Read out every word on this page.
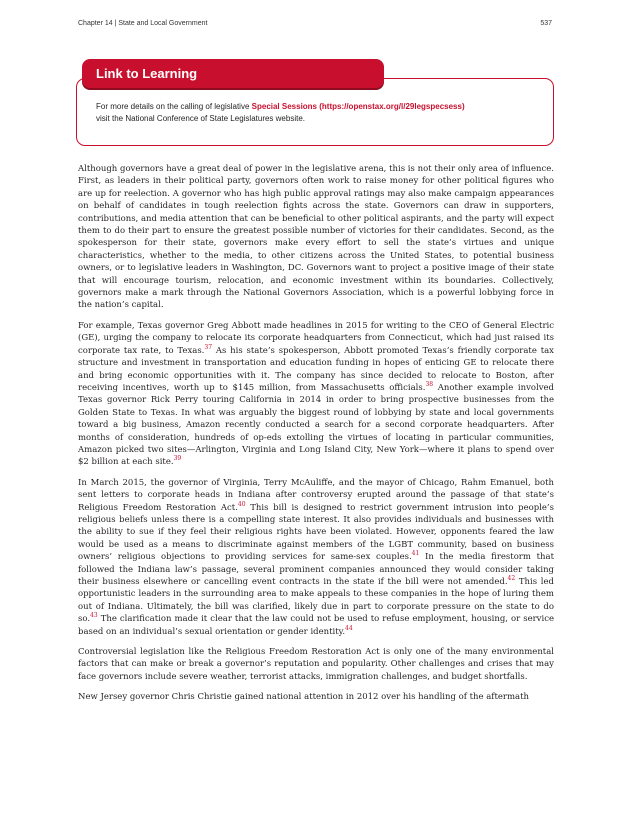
Chapter 14 | State and Local Government	537
Link to Learning
For more details on the calling of legislative Special Sessions (https://openstax.org/l/29legspecsess)
visit the National Conference of State Legislatures website.

Although governors have a great deal of power in the legislative arena, this is not their only area of influence. First, as leaders in their political party, governors often work to raise money for other political figures who are up for reelection. A governor who has high public approval ratings may also make campaign appearances on behalf of candidates in tough reelection fights across the state. Governors can draw in supporters, contributions, and media attention that can be beneficial to other political aspirants, and the party will expect them to do their part to ensure the greatest possible number of victories for their candidates. Second, as the spokesperson for their state, governors make every effort to sell the state’s virtues and unique characteristics, whether to the media, to other citizens across the United States, to potential business owners, or to legislative leaders in Washington, DC. Governors want to project a positive image of their state that will encourage tourism, relocation, and economic investment within its boundaries. Collectively, governors make a mark through the National Governors Association, which is a powerful lobbying force in the nation’s capital.

For example, Texas governor Greg Abbott made headlines in 2015 for writing to the CEO of General Electric (GE), urging the company to relocate its corporate headquarters from Connecticut, which had just raised its corporate tax rate, to Texas.$^{37}$ As his state’s spokesperson, Abbott promoted Texas’s friendly corporate tax structure and investment in transportation and education funding in hopes of enticing GE to relocate there and bring economic opportunities with it. The company has since decided to relocate to Boston, after receiving incentives, worth up to $145 million, from Massachusetts officials.$^{38}$ Another example involved Texas governor Rick Perry touring California in 2014 in order to bring prospective businesses from the Golden State to Texas. In what was arguably the biggest round of lobbying by state and local governments toward a big business, Amazon recently conducted a search for a second corporate headquarters. After months of consideration, hundreds of op-eds extolling the virtues of locating in particular communities, Amazon picked two sites—Arlington, Virginia and Long Island City, New York—where it plans to spend over $2 billion at each site.$^{39}$

In March 2015, the governor of Virginia, Terry McAuliffe, and the mayor of Chicago, Rahm Emanuel, both sent letters to corporate heads in Indiana after controversy erupted around the passage of that state’s Religious Freedom Restoration Act.$^{40}$ This bill is designed to restrict government intrusion into people’s religious beliefs unless there is a compelling state interest. It also provides individuals and businesses with the ability to sue if they feel their religious rights have been violated. However, opponents feared the law would be used as a means to discriminate against members of the LGBT community, based on business owners’ religious objections to providing services for same-sex couples.$^{41}$ In the media firestorm that followed the Indiana law’s passage, several prominent companies announced they would consider taking their business elsewhere or cancelling event contracts in the state if the bill were not amended.$^{42}$ This led opportunistic leaders in the surrounding area to make appeals to these companies in the hope of luring them out of Indiana. Ultimately, the bill was clarified, likely due in part to corporate pressure on the state to do so.$^{43}$ The clarification made it clear that the law could not be used to refuse employment, housing, or service based on an individual’s sexual orientation or gender identity.$^{44}$

Controversial legislation like the Religious Freedom Restoration Act is only one of the many environmental factors that can make or break a governor’s reputation and popularity. Other challenges and crises that may face governors include severe weather, terrorist attacks, immigration challenges, and budget shortfalls.

New Jersey governor Chris Christie gained national attention in 2012 over his handling of the aftermath
